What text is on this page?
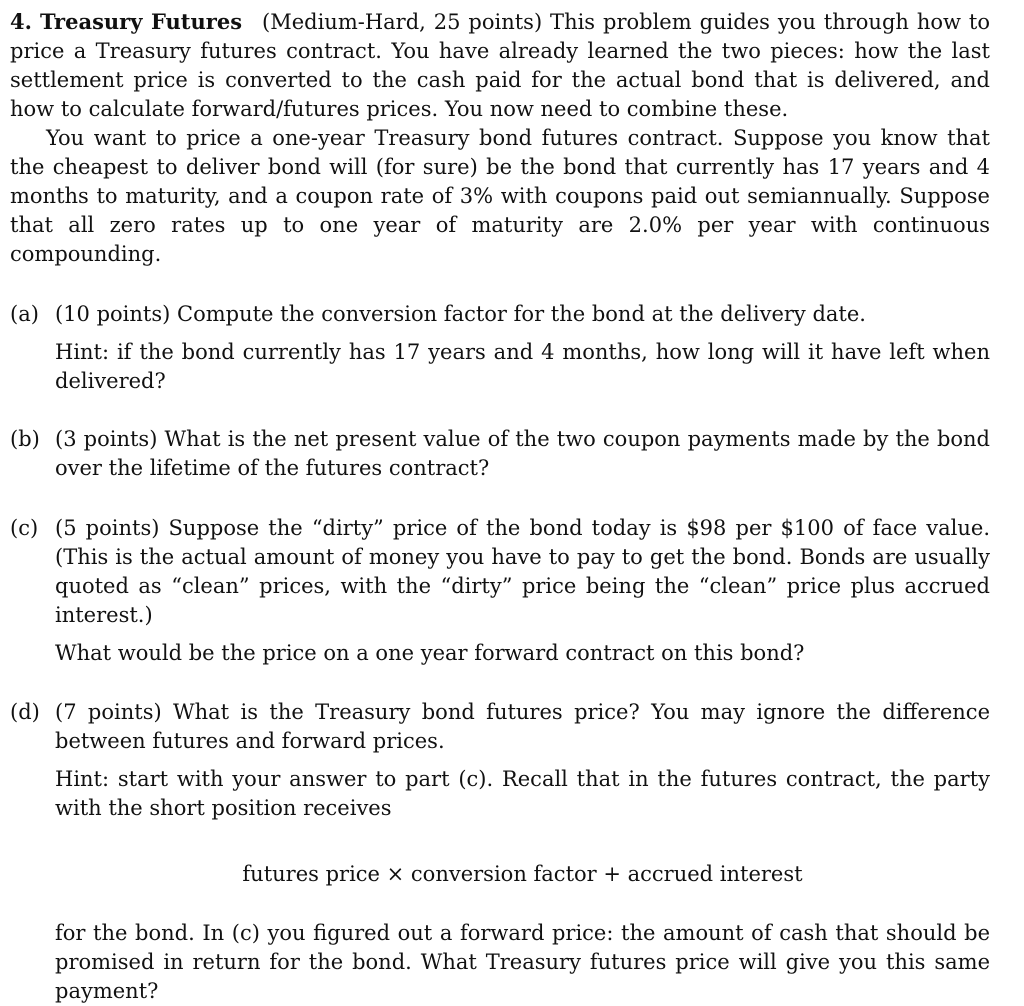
4. Treasury Futures (Medium-Hard, 25 points) This problem guides you through how to price a Treasury futures contract. You have already learned the two pieces: how the last settlement price is converted to the cash paid for the actual bond that is delivered, and how to calculate forward/futures prices. You now need to combine these.

You want to price a one-year Treasury bond futures contract. Suppose you know that the cheapest to deliver bond will (for sure) be the bond that currently has 17 years and 4 months to maturity, and a coupon rate of 3% with coupons paid out semiannually. Suppose that all zero rates up to one year of maturity are 2.0% per year with continuous compounding.

(a) (10 points) Compute the conversion factor for the bond at the delivery date.

Hint: if the bond currently has 17 years and 4 months, how long will it have left when delivered?

(b) (3 points) What is the net present value of the two coupon payments made by the bond over the lifetime of the futures contract?

(c) (5 points) Suppose the “dirty” price of the bond today is $98 per $100 of face value. (This is the actual amount of money you have to pay to get the bond. Bonds are usually quoted as “clean” prices, with the “dirty” price being the “clean” price plus accrued interest.)

What would be the price on a one year forward contract on this bond?

(d) (7 points) What is the Treasury bond futures price? You may ignore the difference between futures and forward prices.

Hint: start with your answer to part (c). Recall that in the futures contract, the party with the short position receives

futures price × conversion factor + accrued interest

for the bond. In (c) you figured out a forward price: the amount of cash that should be promised in return for the bond. What Treasury futures price will give you this same payment?
